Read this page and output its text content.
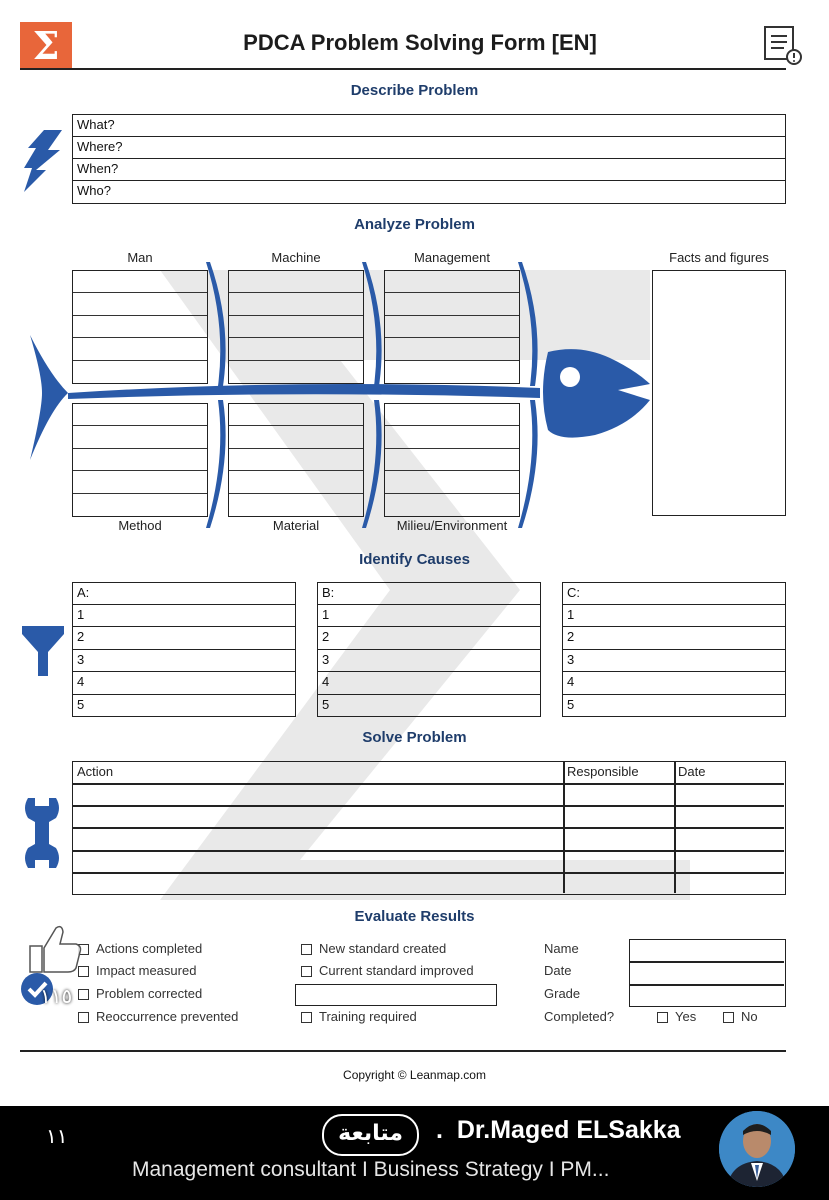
Σ	PDCA Problem Solving Form [EN]
Describe Problem
What?
Where?
When?
Who?
Analyze Problem
Man	Machine	Management	Facts and figures
Method	Material	Milieu/Environment
Identify Causes
A:
1
2
3
4
5
B:
1
2
3
4
5
C:
1
2
3
4
5
Solve Problem
Action	Responsible	Date
Evaluate Results
Actions completed
Impact measured
Problem corrected
Reoccurrence prevented
New standard created
Current standard improved
Training required
Name
Date
Grade
Completed?	Yes	No
Copyright © Leanmap.com
١١٥
١١	متابعة	. Dr.Maged ELSakka
Management consultant I Business Strategy I PM...
